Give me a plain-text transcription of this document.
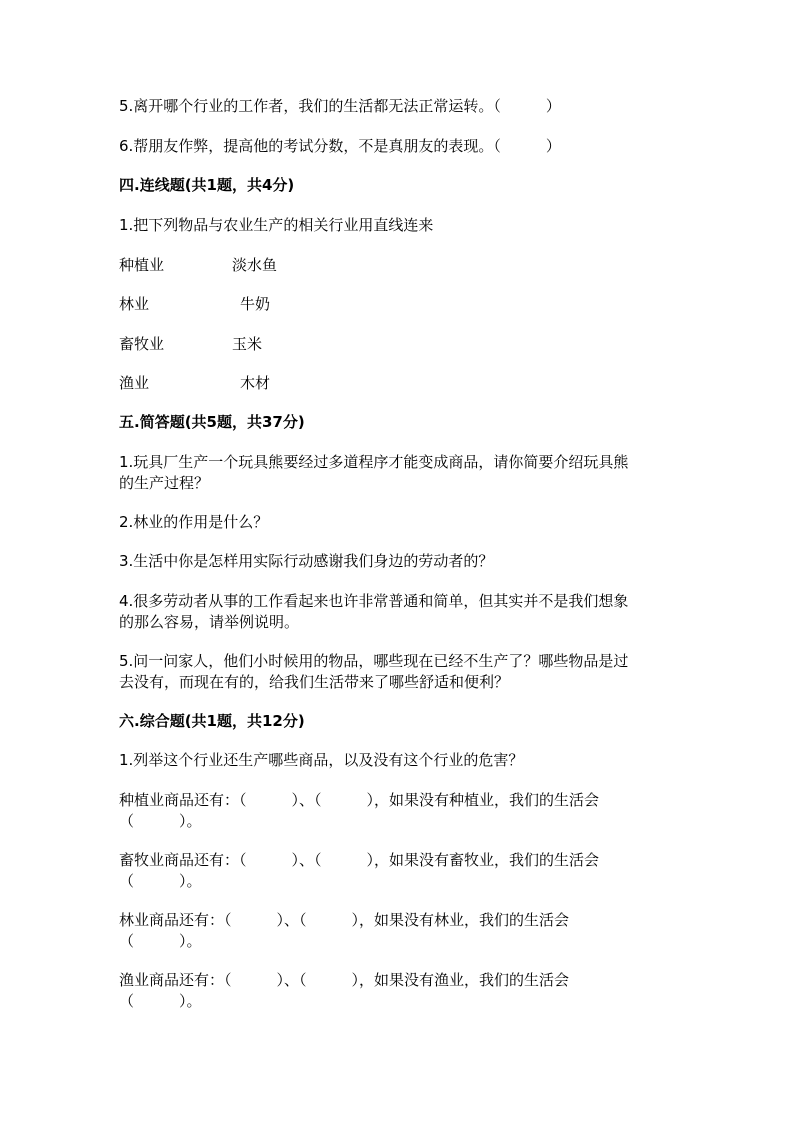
5.离开哪个行业的工作者，我们的生活都无法正常运转。（　　　）
6.帮朋友作弊，提高他的考试分数，不是真朋友的表现。（　　　）
四.连线题(共1题，共4分)
1.把下列物品与农业生产的相关行业用直线连来
种植业	淡水鱼
林业	牛奶
畜牧业	玉米
渔业	木材
五.简答题(共5题，共37分)
1.玩具厂生产一个玩具熊要经过多道程序才能变成商品，请你简要介绍玩具熊
的生产过程？
2.林业的作用是什么？
3.生活中你是怎样用实际行动感谢我们身边的劳动者的？
4.很多劳动者从事的工作看起来也许非常普通和简单，但其实并不是我们想象
的那么容易，请举例说明。
5.问一问家人，他们小时候用的物品，哪些现在已经不生产了？哪些物品是过
去没有，而现在有的，给我们生活带来了哪些舒适和便利？
六.综合题(共1题，共12分)
1.列举这个行业还生产哪些商品，以及没有这个行业的危害？
种植业商品还有：（　　　）、（　　　），如果没有种植业，我们的生活会
（　　　）。
畜牧业商品还有：（　　　）、（　　　），如果没有畜牧业，我们的生活会
（　　　）。
林业商品还有：（　　　）、（　　　），如果没有林业，我们的生活会
（　　　）。
渔业商品还有：（　　　）、（　　　），如果没有渔业，我们的生活会
（　　　）。
